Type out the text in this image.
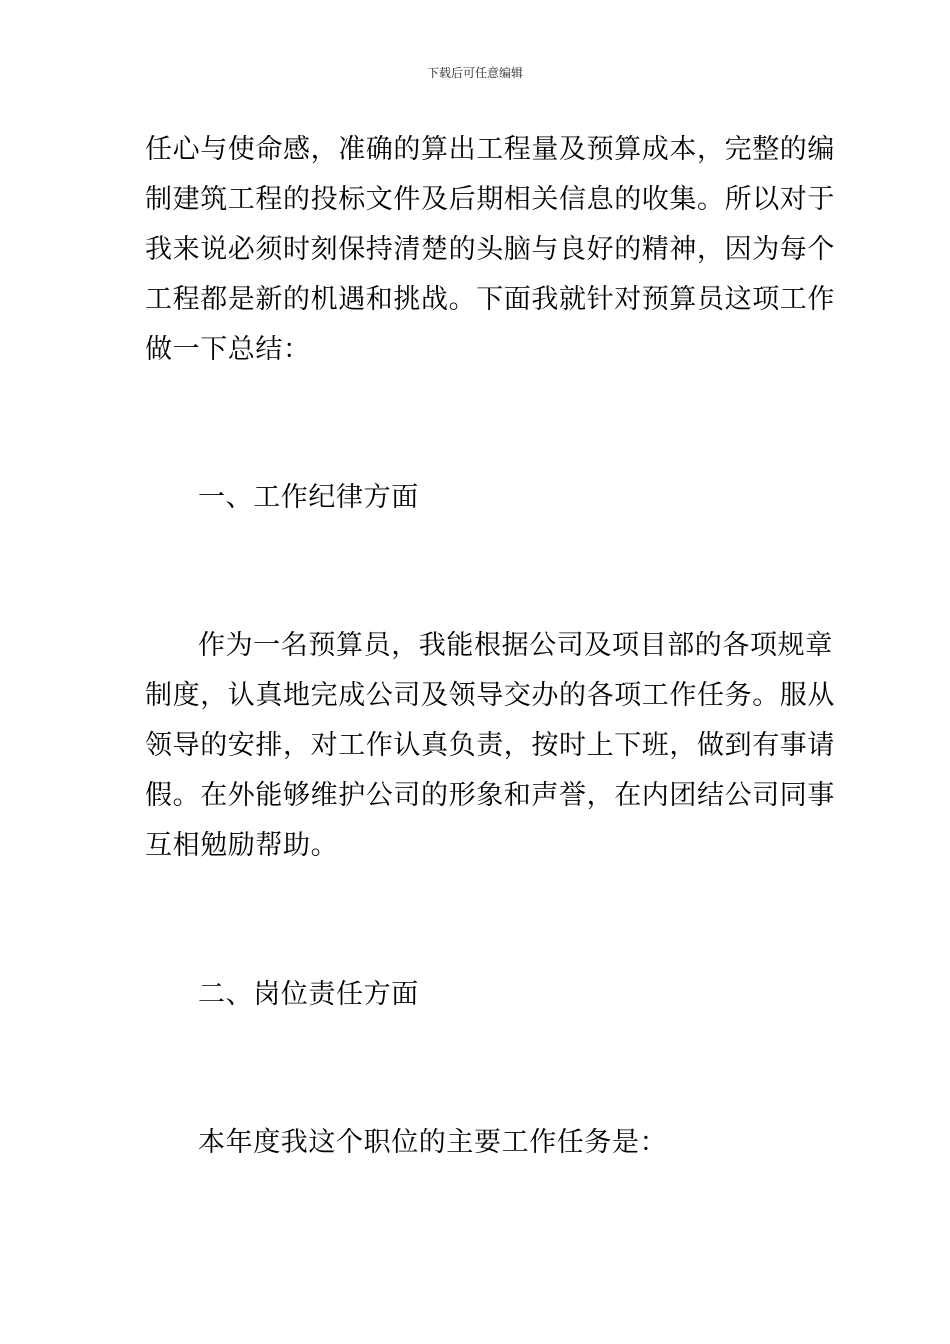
下载后可任意编辑
任心与使命感，准确的算出工程量及预算成本，完整的编
制建筑工程的投标文件及后期相关信息的收集。所以对于
我来说必须时刻保持清楚的头脑与良好的精神，因为每个
工程都是新的机遇和挑战。下面我就针对预算员这项工作
做一下总结：
一、工作纪律方面
作为一名预算员，我能根据公司及项目部的各项规章
制度，认真地完成公司及领导交办的各项工作任务。服从
领导的安排，对工作认真负责，按时上下班，做到有事请
假。在外能够维护公司的形象和声誉，在内团结公司同事
互相勉励帮助。
二、岗位责任方面
本年度我这个职位的主要工作任务是：
